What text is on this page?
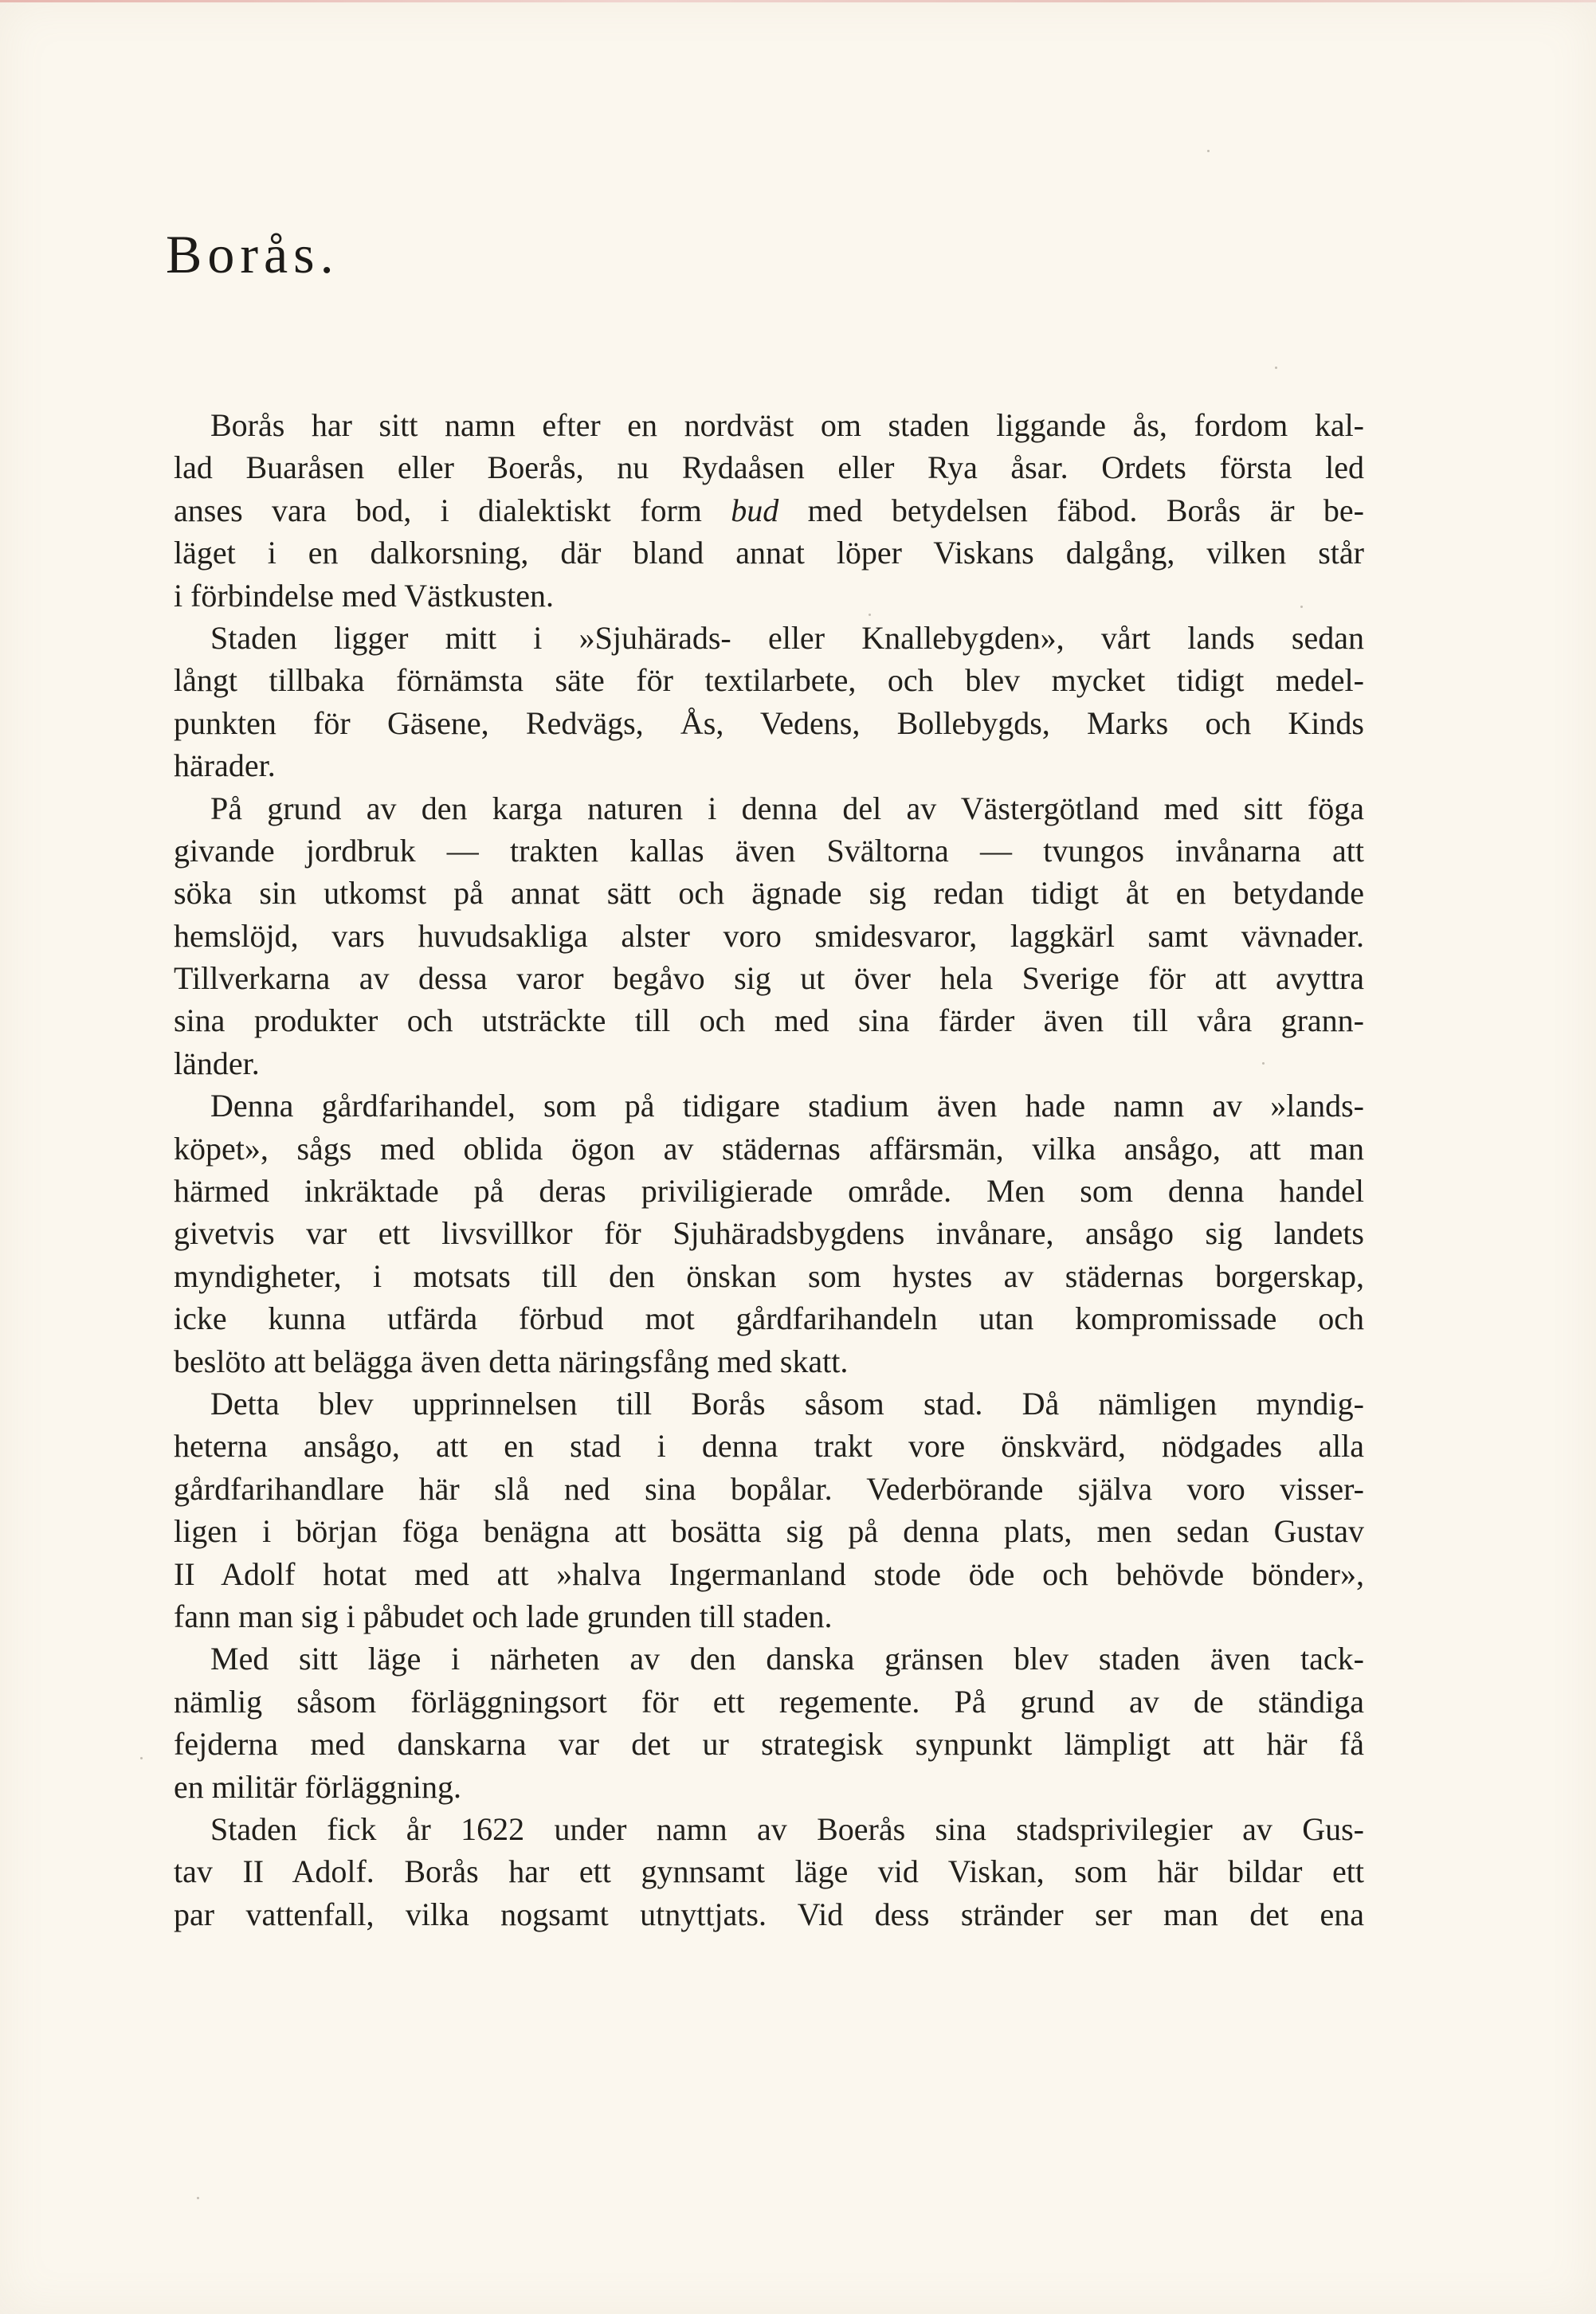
Borås.
Borås har sitt namn efter en nordväst om staden liggande ås, fordom kal-
lad Buaråsen eller Boerås, nu Rydaåsen eller Rya åsar. Ordets första led
anses vara bod, i dialektiskt form bud med betydelsen fäbod. Borås är be-
läget i en dalkorsning, där bland annat löper Viskans dalgång, vilken står
i förbindelse med Västkusten.
Staden ligger mitt i »Sjuhärads- eller Knallebygden», vårt lands sedan
långt tillbaka förnämsta säte för textilarbete, och blev mycket tidigt medel-
punkten för Gäsene, Redvägs, Ås, Vedens, Bollebygds, Marks och Kinds
härader.
På grund av den karga naturen i denna del av Västergötland med sitt föga
givande jordbruk — trakten kallas även Svältorna — tvungos invånarna att
söka sin utkomst på annat sätt och ägnade sig redan tidigt åt en betydande
hemslöjd, vars huvudsakliga alster voro smidesvaror, laggkärl samt vävnader.
Tillverkarna av dessa varor begåvo sig ut över hela Sverige för att avyttra
sina produkter och utsträckte till och med sina färder även till våra grann-
länder.
Denna gårdfarihandel, som på tidigare stadium även hade namn av »lands-
köpet», sågs med oblida ögon av städernas affärsmän, vilka ansågo, att man
härmed inkräktade på deras priviligierade område. Men som denna handel
givetvis var ett livsvillkor för Sjuhäradsbygdens invånare, ansågo sig landets
myndigheter, i motsats till den önskan som hystes av städernas borgerskap,
icke kunna utfärda förbud mot gårdfarihandeln utan kompromissade och
beslöto att belägga även detta näringsfång med skatt.
Detta blev upprinnelsen till Borås såsom stad. Då nämligen myndig-
heterna ansågo, att en stad i denna trakt vore önskvärd, nödgades alla
gårdfarihandlare här slå ned sina bopålar. Vederbörande själva voro visser-
ligen i början föga benägna att bosätta sig på denna plats, men sedan Gustav
II Adolf hotat med att »halva Ingermanland stode öde och behövde bönder»,
fann man sig i påbudet och lade grunden till staden.
Med sitt läge i närheten av den danska gränsen blev staden även tack-
nämlig såsom förläggningsort för ett regemente. På grund av de ständiga
fejderna med danskarna var det ur strategisk synpunkt lämpligt att här få
en militär förläggning.
Staden fick år 1622 under namn av Boerås sina stadsprivilegier av Gus-
tav II Adolf. Borås har ett gynnsamt läge vid Viskan, som här bildar ett
par vattenfall, vilka nogsamt utnyttjats. Vid dess stränder ser man det ena
